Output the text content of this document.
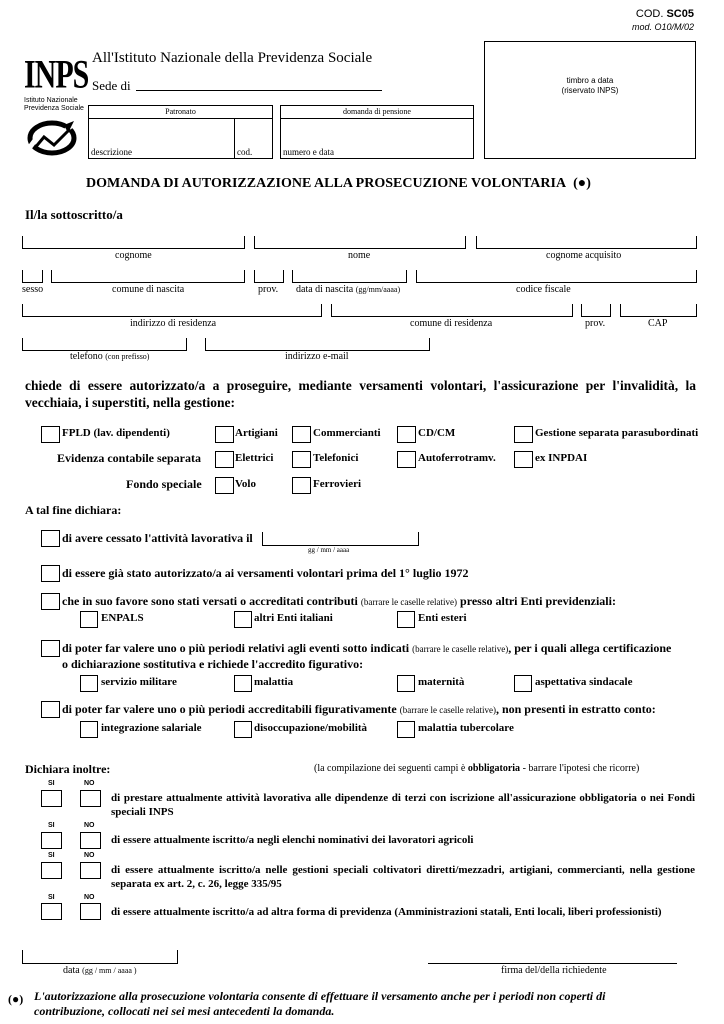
COD. SC05
mod. O10/M/02
INPS
Istituto Nazionale
Previdenza Sociale
All'Istituto Nazionale della Previdenza Sociale
Sede di	timbro a data
(riservato INPS)
Patronato
descrizione	cod.
domanda di pensione
numero e data
DOMANDA DI AUTORIZZAZIONE ALLA PROSECUZIONE VOLONTARIA (●)
Il/la sottoscritto/a
cognome	nome	cognome acquisito
sesso	comune di nascita	prov. data di nascita (gg/mm/aaaa)	codice fiscale
indirizzo di residenza	comune di residenza	prov.	CAP
telefono (con prefisso)	indirizzo e-mail
chiede di essere autorizzato/a a proseguire, mediante versamenti volontari, l'assicurazione per l'invalidità, la vecchiaia, i superstiti, nella gestione:
FPLD (lav. dipendenti)	Artigiani	Commercianti	CD/CM	Gestione separata parasubordinati
Evidenza contabile separata	Elettrici	Telefonici	Autoferrotramv.	ex INPDAI
Fondo speciale	Volo	Ferrovieri
A tal fine dichiara:
di avere cessato l'attività lavorativa il
gg / mm / aaaa
di essere già stato autorizzato/a ai versamenti volontari prima del 1° luglio 1972
che in suo favore sono stati versati o accreditati contributi (barrare le caselle relative) presso altri Enti previdenziali:
ENPALS	altri Enti italiani	Enti esteri
di poter far valere uno o più periodi relativi agli eventi sotto indicati (barrare le caselle relative), per i quali allega certificazione
o dichiarazione sostitutiva e richiede l'accredito figurativo:
servizio militare	malattia	maternità	aspettativa sindacale
di poter far valere uno o più periodi accreditabili figurativamente (barrare le caselle relative), non presenti in estratto conto:
integrazione salariale	disoccupazione/mobilità	malattia tubercolare
Dichiara inoltre:	(la compilazione dei seguenti campi è obbligatoria - barrare l'ipotesi che ricorre)
SI	NO
di prestare attualmente attività lavorativa alle dipendenze di terzi con iscrizione all'assicurazione obbligatoria o nei Fondi speciali INPS
SI	NO
di essere attualmente iscritto/a negli elenchi nominativi dei lavoratori agricoli
SI	NO
di essere attualmente iscritto/a nelle gestioni speciali coltivatori diretti/mezzadri, artigiani, commercianti, nella gestione separata ex art. 2, c. 26, legge 335/95
SI	NO
di essere attualmente iscritto/a ad altra forma di previdenza (Amministrazioni statali, Enti locali, liberi professionisti)
data (gg / mm / aaaa )	firma del/della richiedente
(●) L'autorizzazione alla prosecuzione volontaria consente di effettuare il versamento anche per i periodi non coperti di contribuzione, collocati nei sei mesi antecedenti la domanda.
